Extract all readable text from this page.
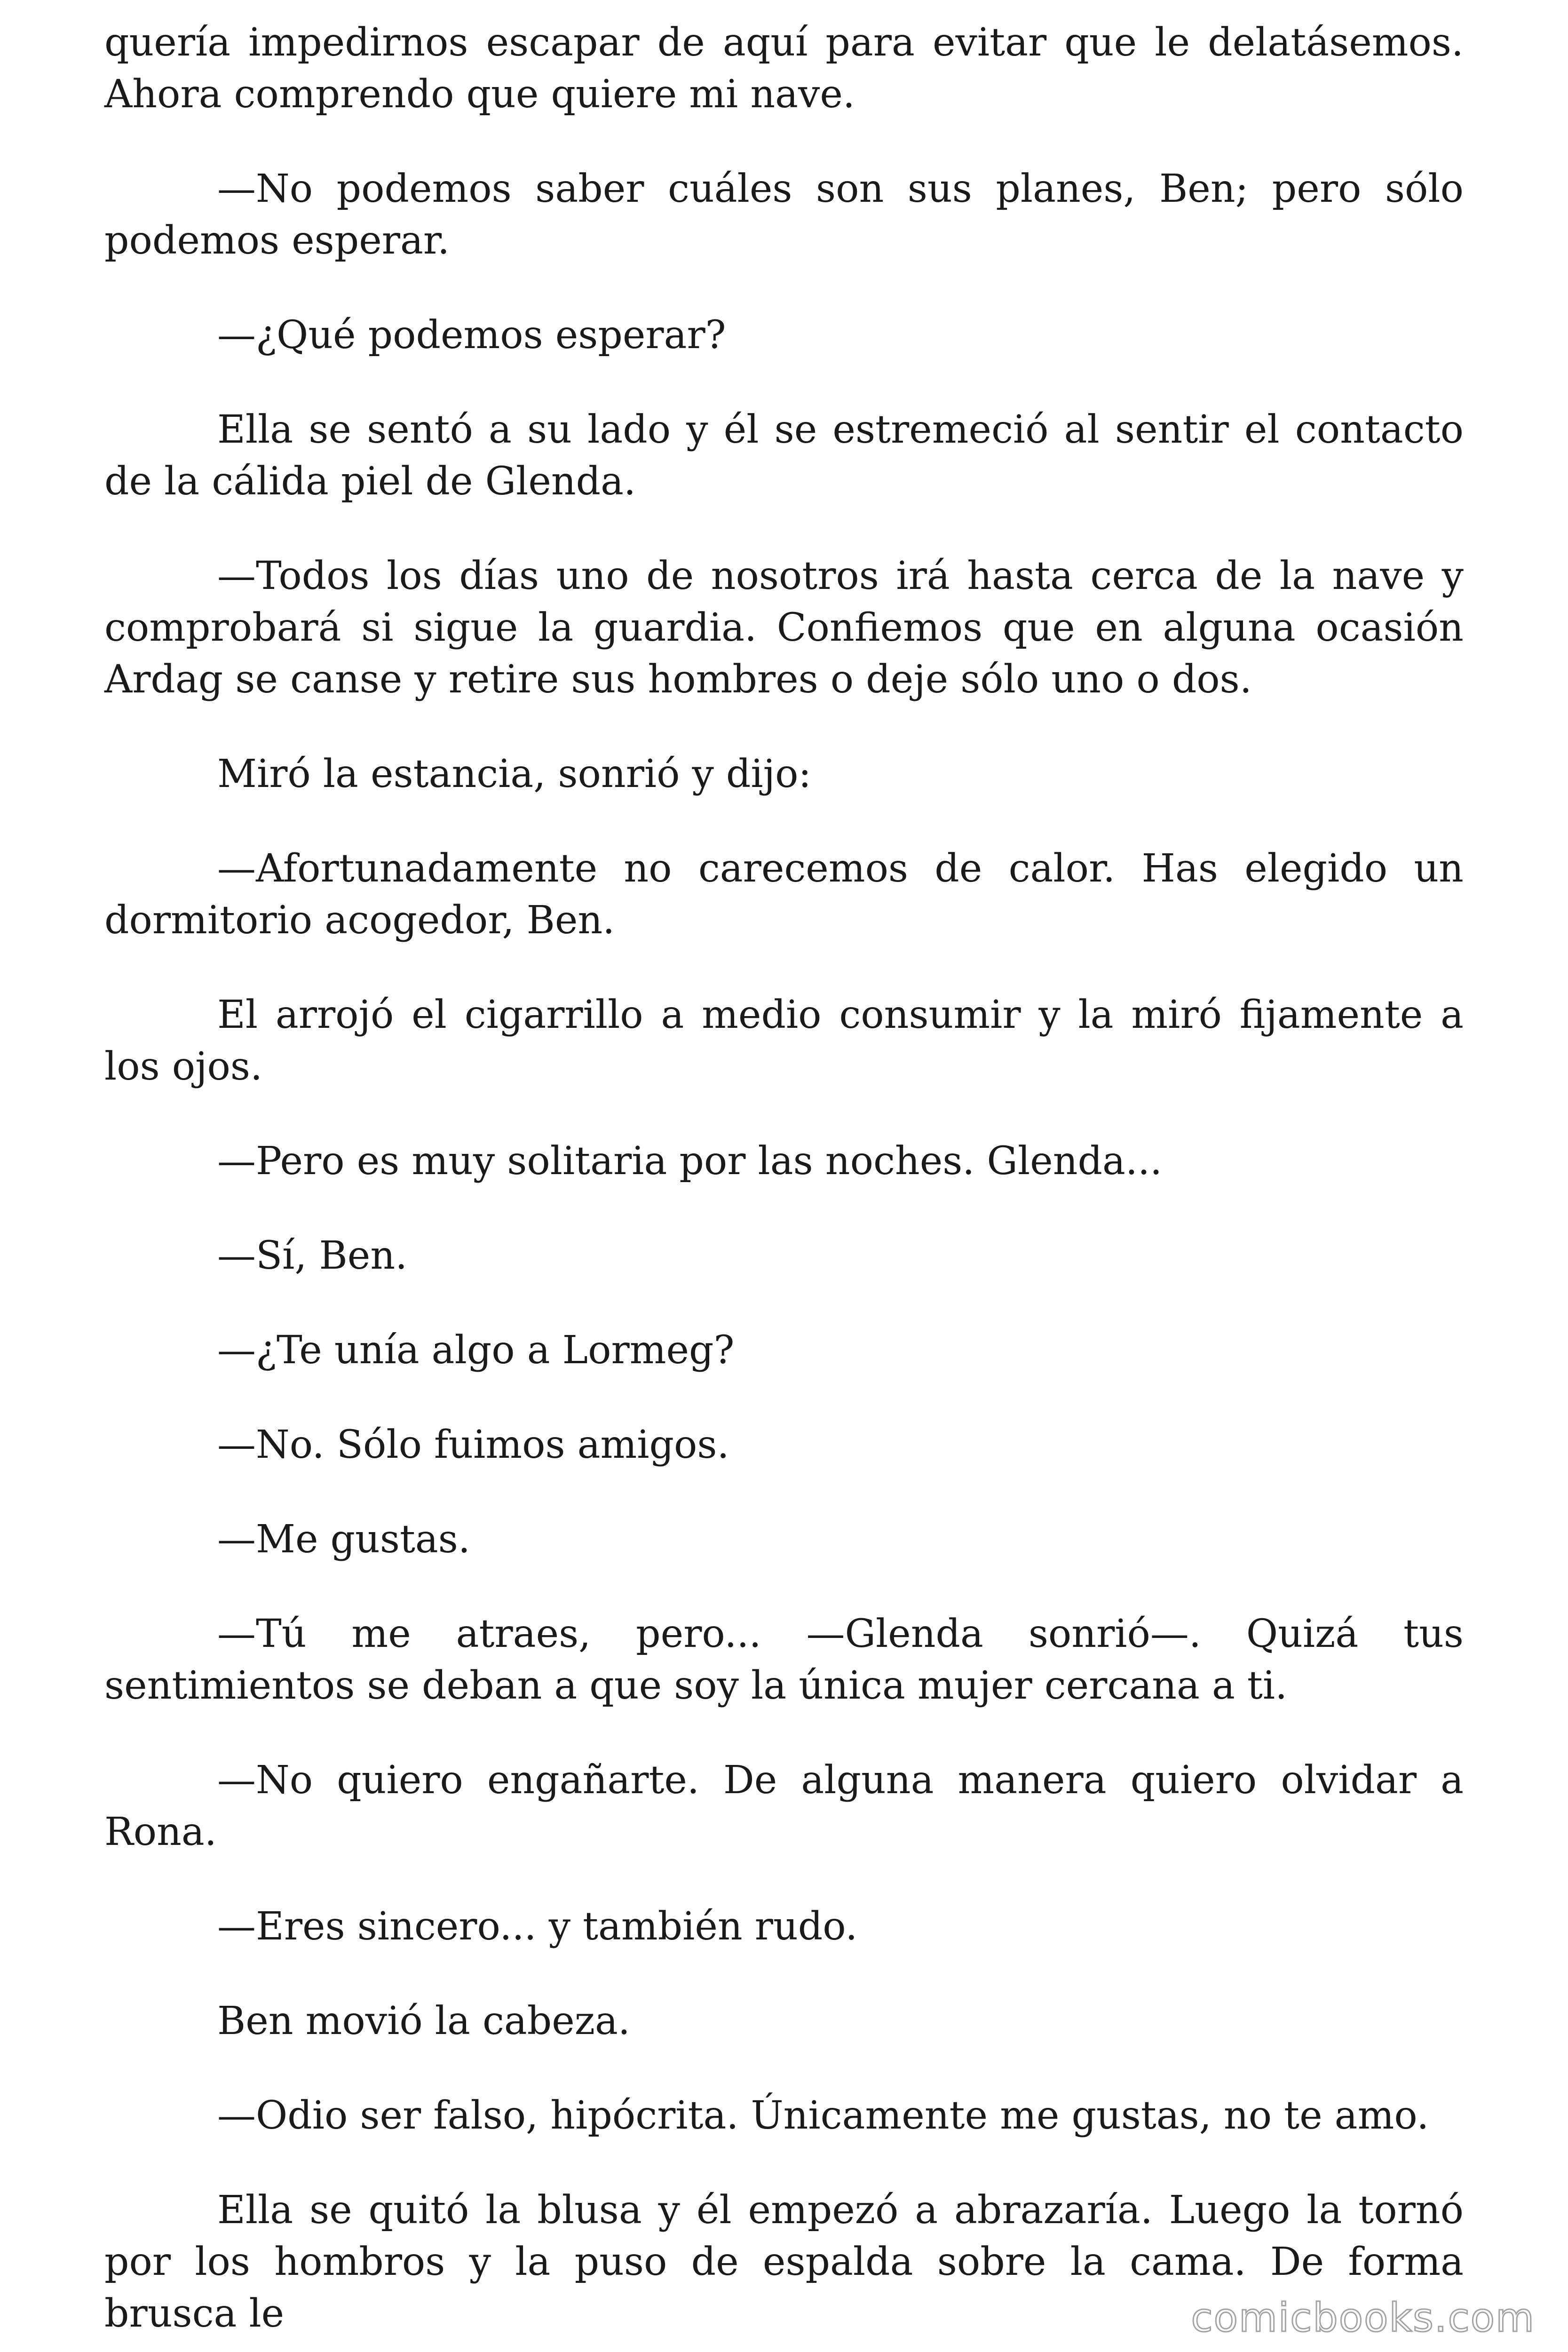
quería impedirnos escapar de aquí para evitar que le delatásemos. Ahora comprendo que quiere mi nave.

—No podemos saber cuáles son sus planes, Ben; pero sólo podemos esperar.

—¿Qué podemos esperar?

Ella se sentó a su lado y él se estremeció al sentir el contacto de la cálida piel de Glenda.

—Todos los días uno de nosotros irá hasta cerca de la nave y comprobará si sigue la guardia. Confiemos que en alguna ocasión Ardag se canse y retire sus hombres o deje sólo uno o dos.

Miró la estancia, sonrió y dijo:

—Afortunadamente no carecemos de calor. Has elegido un dormitorio acogedor, Ben.

El arrojó el cigarrillo a medio consumir y la miró fijamente a los ojos.

—Pero es muy solitaria por las noches. Glenda...

—Sí, Ben.

—¿Te unía algo a Lormeg?

—No. Sólo fuimos amigos.

—Me gustas.

—Tú me atraes, pero... —Glenda sonrió—. Quizá tus sentimientos se deban a que soy la única mujer cercana a ti.

—No quiero engañarte. De alguna manera quiero olvidar a Rona.

—Eres sincero... y también rudo.

Ben movió la cabeza.

—Odio ser falso, hipócrita. Únicamente me gustas, no te amo.

Ella se quitó la blusa y él empezó a abrazaría. Luego la tornó por los hombros y la puso de espalda sobre la cama. De forma brusca le	comicbooks.com
